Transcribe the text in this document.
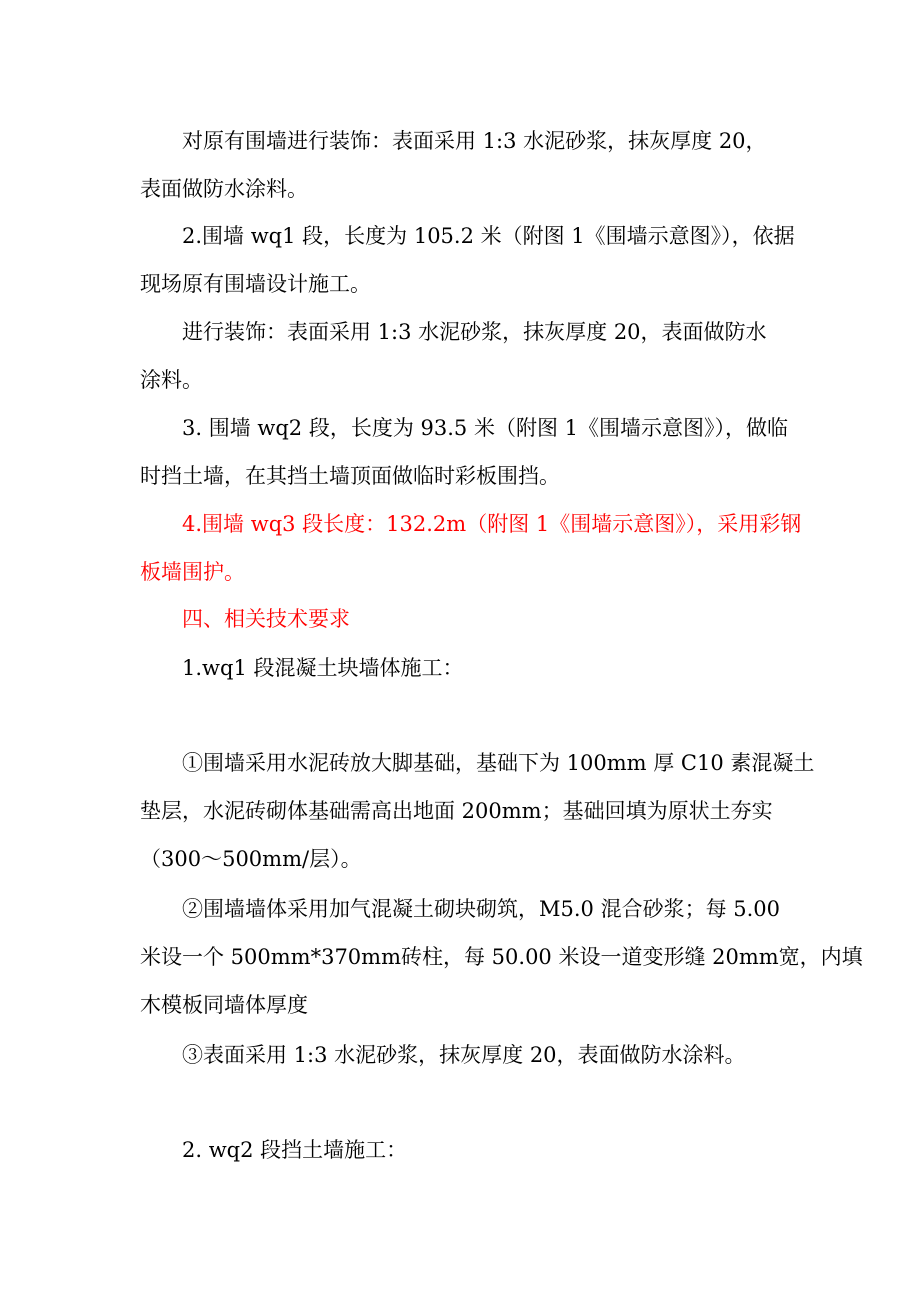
对原有围墙进行装饰：表面采用 1:3 水泥砂浆，抹灰厚度 20，
表面做防水涂料。
2.围墙 wq1 段，长度为 105.2 米（附图 1《围墙示意图》），依据
现场原有围墙设计施工。
进行装饰：表面采用 1:3 水泥砂浆，抹灰厚度 20，表面做防水
涂料。
3. 围墙 wq2 段，长度为 93.5 米（附图 1《围墙示意图》），做临
时挡土墙，在其挡土墙顶面做临时彩板围挡。
4.围墙 wq3 段长度：132.2m（附图 1《围墙示意图》），采用彩钢
板墙围护。
四、相关技术要求
1.wq1 段混凝土块墙体施工：
①围墙采用水泥砖放大脚基础，基础下为 100mm 厚 C10 素混凝土
垫层，水泥砖砌体基础需高出地面 200mm；基础回填为原状土夯实
（300～500mm/层）。
②围墙墙体采用加气混凝土砌块砌筑，M5.0 混合砂浆；每 5.00
米设一个 500mm*370mm砖柱，每 50.00 米设一道变形缝 20mm宽，内填
木模板同墙体厚度
③表面采用 1:3 水泥砂浆，抹灰厚度 20，表面做防水涂料。
2. wq2 段挡土墙施工：
